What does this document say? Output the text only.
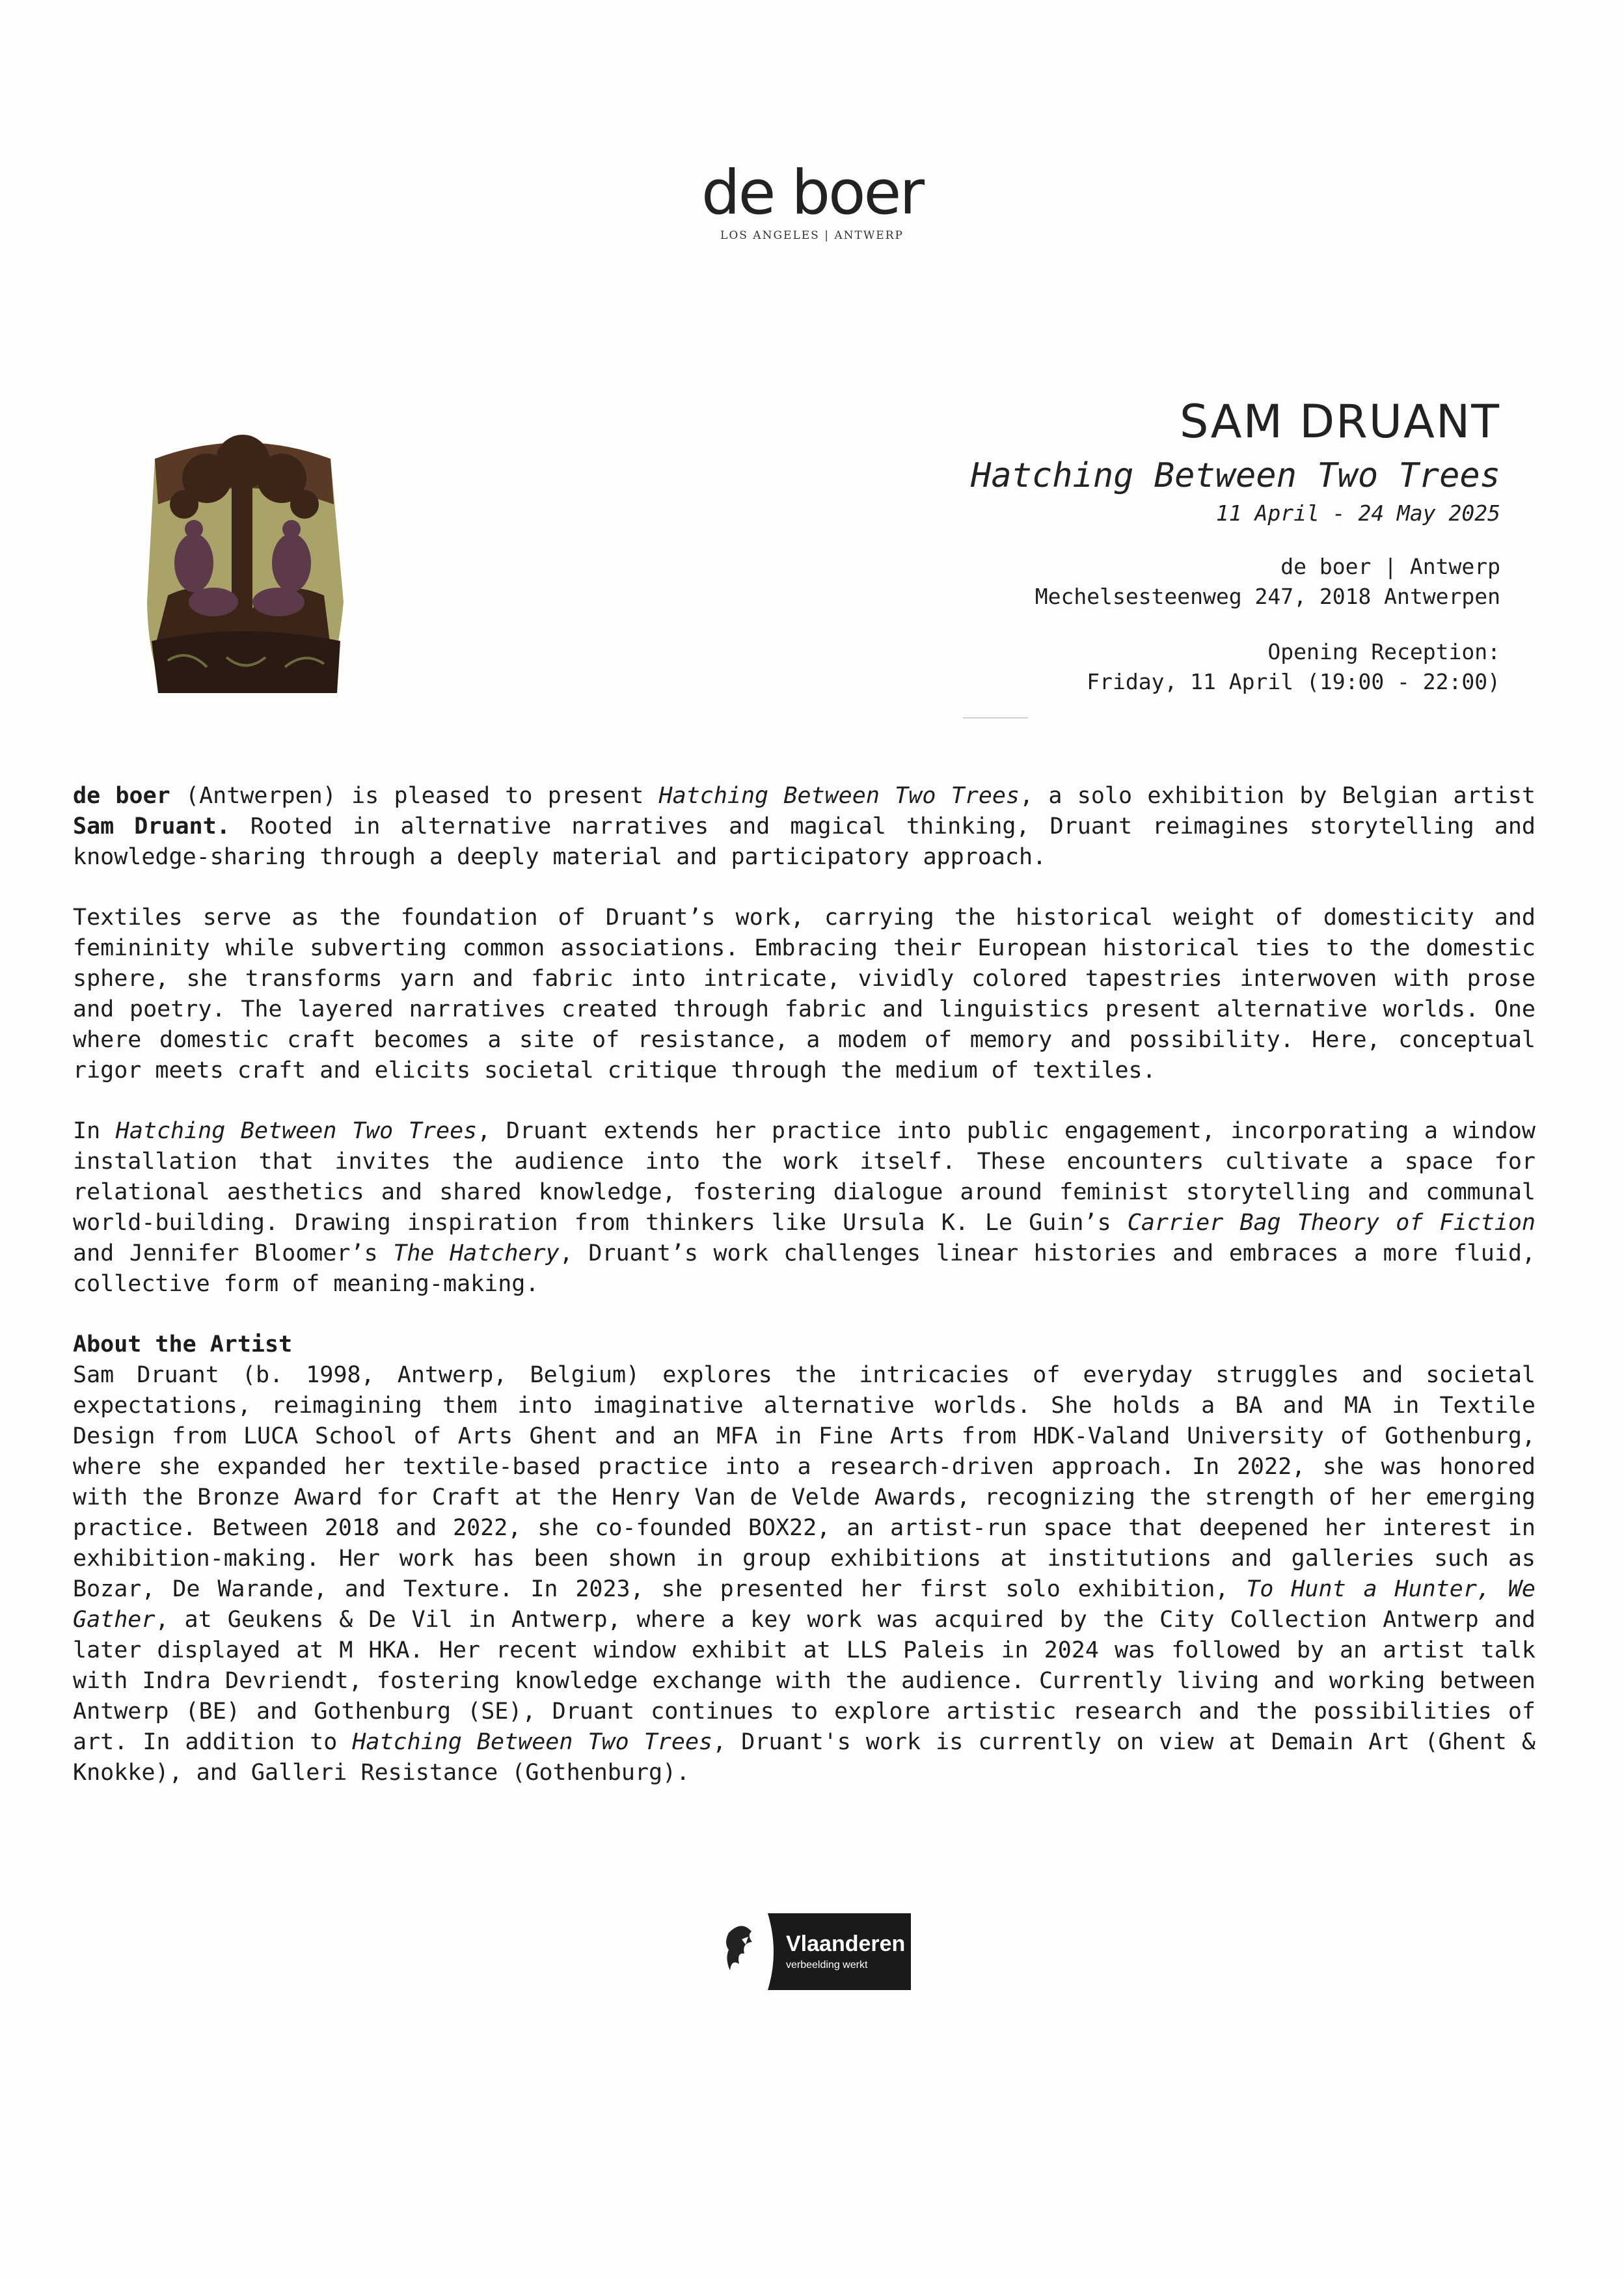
de boer
LOS ANGELES | ANTWERP
SAM DRUANT
Hatching Between Two Trees
11 April - 24 May 2025
de boer | Antwerp
Mechelsesteenweg 247, 2018 Antwerpen
Opening Reception:
Friday, 11 April (19:00 - 22:00)

de boer (Antwerpen) is pleased to present Hatching Between Two Trees, a solo exhibition by Belgian artist Sam Druant. Rooted in alternative narratives and magical thinking, Druant reimagines storytelling and knowledge-sharing through a deeply material and participatory approach.

Textiles serve as the foundation of Druant’s work, carrying the historical weight of domesticity and femininity while subverting common associations. Embracing their European historical ties to the domestic sphere, she transforms yarn and fabric into intricate, vividly colored tapestries interwoven with prose and poetry. The layered narratives created through fabric and linguistics present alternative worlds. One where domestic craft becomes a site of resistance, a modem of memory and possibility. Here, conceptual rigor meets craft and elicits societal critique through the medium of textiles.

In Hatching Between Two Trees, Druant extends her practice into public engagement, incorporating a window installation that invites the audience into the work itself. These encounters cultivate a space for relational aesthetics and shared knowledge, fostering dialogue around feminist storytelling and communal world-building. Drawing inspiration from thinkers like Ursula K. Le Guin’s Carrier Bag Theory of Fiction and Jennifer Bloomer’s The Hatchery, Druant’s work challenges linear histories and embraces a more fluid, collective form of meaning-making.

About the Artist

Sam Druant (b. 1998, Antwerp, Belgium) explores the intricacies of everyday struggles and societal expectations, reimagining them into imaginative alternative worlds. She holds a BA and MA in Textile Design from LUCA School of Arts Ghent and an MFA in Fine Arts from HDK-Valand University of Gothenburg, where she expanded her textile-based practice into a research-driven approach. In 2022, she was honored with the Bronze Award for Craft at the Henry Van de Velde Awards, recognizing the strength of her emerging practice. Between 2018 and 2022, she co-founded BOX22, an artist-run space that deepened her interest in exhibition-making. Her work has been shown in group exhibitions at institutions and galleries such as Bozar, De Warande, and Texture. In 2023, she presented her first solo exhibition, To Hunt a Hunter, We Gather, at Geukens & De Vil in Antwerp, where a key work was acquired by the City Collection Antwerp and later displayed at M HKA. Her recent window exhibit at LLS Paleis in 2024 was followed by an artist talk with Indra Devriendt, fostering knowledge exchange with the audience. Currently living and working between Antwerp (BE) and Gothenburg (SE), Druant continues to explore artistic research and the possibilities of art. In addition to Hatching Between Two Trees, Druant's work is currently on view at Demain Art (Ghent & Knokke), and Galleri Resistance (Gothenburg).

Vlaanderen
verbeelding werkt
